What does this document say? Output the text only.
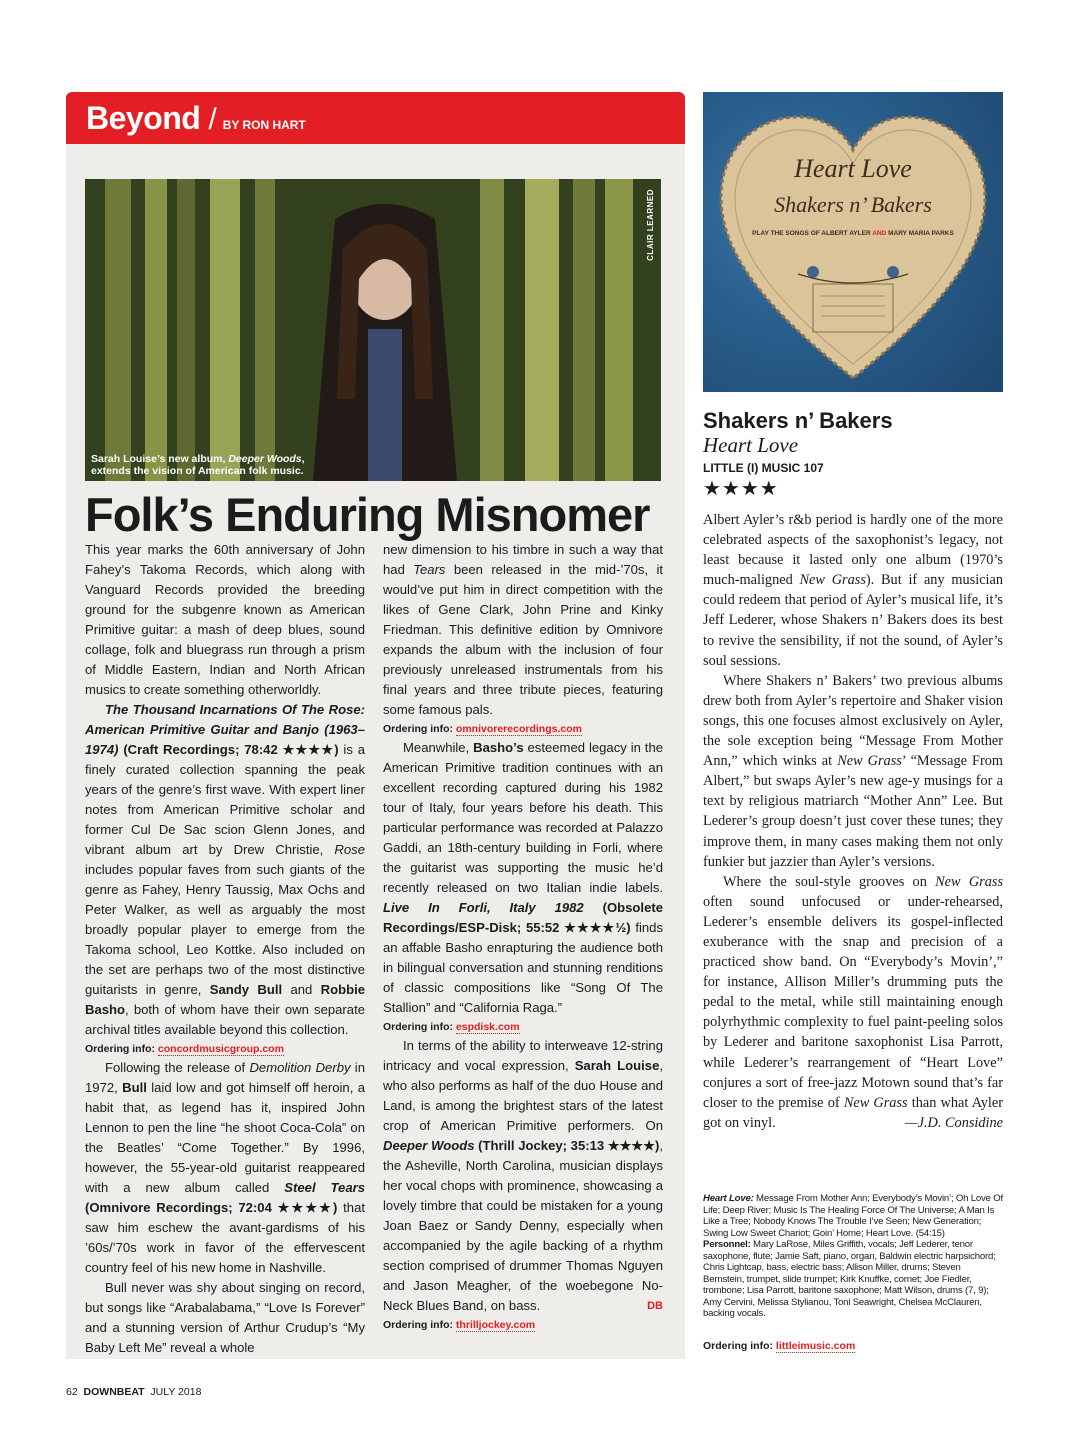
Beyond / BY RON HART
CLAIR LEARNED
Sarah Louise’s new album, Deeper Woods,
extends the vision of American folk music.
Folk’s Enduring Misnomer

This year marks the 60th anniversary of John Fahey’s Takoma Records, which along with Vanguard Records provided the breeding ground for the subgenre known as American Primitive guitar: a mash of deep blues, sound collage, folk and bluegrass run through a prism of Middle Eastern, Indian and North African musics to create something otherworldly.

The Thousand Incarnations Of The Rose: American Primitive Guitar and Banjo (1963–1974) (Craft Recordings; 78:42 ★★★★) is a finely curated collection spanning the peak years of the genre’s first wave. With expert liner notes from American Primitive scholar and former Cul De Sac scion Glenn Jones, and vibrant album art by Drew Christie, Rose includes popular faves from such giants of the genre as Fahey, Henry Taussig, Max Ochs and Peter Walker, as well as arguably the most broadly popular player to emerge from the Takoma school, Leo Kottke. Also included on the set are perhaps two of the most distinctive guitarists in genre, Sandy Bull and Robbie Basho, both of whom have their own separate archival titles available beyond this collection.

Ordering info: concordmusicgroup.com

Following the release of Demolition Derby in 1972, Bull laid low and got himself off heroin, a habit that, as legend has it, inspired John Lennon to pen the line “he shoot Coca-Cola” on the Beatles’ “Come Together.” By 1996, however, the 55-year-old guitarist reappeared with a new album called Steel Tears (Omnivore Recordings; 72:04 ★★★★) that saw him eschew the avant-gardisms of his ’60s/’70s work in favor of the effervescent country feel of his new home in Nashville.

Bull never was shy about singing on record, but songs like “Arabalabama,” “Love Is Forever” and a stunning version of Arthur Crudup’s “My Baby Left Me” reveal a whole

new dimension to his timbre in such a way that had Tears been released in the mid-’70s, it would’ve put him in direct competition with the likes of Gene Clark, John Prine and Kinky Friedman. This definitive edition by Omnivore expands the album with the inclusion of four previously unreleased instrumentals from his final years and three tribute pieces, featuring some famous pals.

Ordering info: omnivorerecordings.com

Meanwhile, Basho’s esteemed legacy in the American Primitive tradition continues with an excellent recording captured during his 1982 tour of Italy, four years before his death. This particular performance was recorded at Palazzo Gaddi, an 18th-century building in Forli, where the guitarist was supporting the music he’d recently released on two Italian indie labels. Live In Forli, Italy 1982 (Obsolete Recordings/ESP-Disk; 55:52 ★★★★½) finds an affable Basho enrapturing the audience both in bilingual conversation and stunning renditions of classic compositions like “Song Of The Stallion” and “California Raga.”

Ordering info: espdisk.com

In terms of the ability to interweave 12-string intricacy and vocal expression, Sarah Louise, who also performs as half of the duo House and Land, is among the brightest stars of the latest crop of American Primitive performers. On Deeper Woods (Thrill Jockey; 35:13 ★★★★), the Asheville, North Carolina, musician displays her vocal chops with prominence, showcasing a lovely timbre that could be mistaken for a young Joan Baez or Sandy Denny, especially when accompanied by the agile backing of a rhythm section comprised of drummer Thomas Nguyen and Jason Meagher, of the woebegone No-Neck Blues Band, on bass.	DB

Ordering info: thrilljockey.com
Heart Love
Shakers n’ Bakers
PLAY THE SONGS OF ALBERT AYLER AND MARY MARIA PARKS
Shakers n’ Bakers
Heart Love
LITTLE (I) MUSIC 107
★★★★

Albert Ayler’s r&b period is hardly one of the more celebrated aspects of the saxophonist’s legacy, not least because it lasted only one album (1970’s much-maligned New Grass). But if any musician could redeem that period of Ayler’s musical life, it’s Jeff Lederer, whose Shakers n’ Bakers does its best to revive the sensibility, if not the sound, of Ayler’s soul sessions.

Where Shakers n’ Bakers’ two previous albums drew both from Ayler’s repertoire and Shaker vision songs, this one focuses almost exclusively on Ayler, the sole exception being “Message From Mother Ann,” which winks at New Grass’ “Message From Albert,” but swaps Ayler’s new age-y musings for a text by religious matriarch “Mother Ann” Lee. But Lederer’s group doesn’t just cover these tunes; they improve them, in many cases making them not only funkier but jazzier than Ayler’s versions.

Where the soul-style grooves on New Grass often sound unfocused or under-rehearsed, Lederer’s ensemble delivers its gospel-inflected exuberance with the snap and precision of a practiced show band. On “Everybody’s Movin’,” for instance, Allison Miller’s drumming puts the pedal to the metal, while still maintaining enough polyrhythmic complexity to fuel paint-peeling solos by Lederer and baritone saxophonist Lisa Parrott, while Lederer’s rearrangement of “Heart Love” conjures a sort of free-jazz Motown sound that’s far closer to the premise of New Grass than what Ayler got on vinyl.	—J.D. Considine

Heart Love: Message From Mother Ann; Everybody’s Movin’; Oh Love Of Life; Deep River; Music Is The Healing Force Of The Universe; A Man Is Like a Tree; Nobody Knows The Trouble I’ve Seen; New Generation; Swing Low Sweet Chariot; Goin’ Home; Heart Love. (54:15)
Personnel: Mary LaRose, Miles Griffith, vocals; Jeff Lederer, tenor saxophone, flute; Jamie Saft, piano, organ, Baldwin electric harpsichord; Chris Lightcap, bass, electric bass; Allison Miller, drums; Steven Bernstein, trumpet, slide trumpet; Kirk Knuffke, cornet; Joe Fiedler, trombone; Lisa Parrott, baritone saxophone; Matt Wilson, drums (7, 9); Amy Cervini, Melissa Stylianou, Toni Seawright, Chelsea McClauren, backing vocals.
Ordering info: littleimusic.com
62 DOWNBEAT JULY 2018
